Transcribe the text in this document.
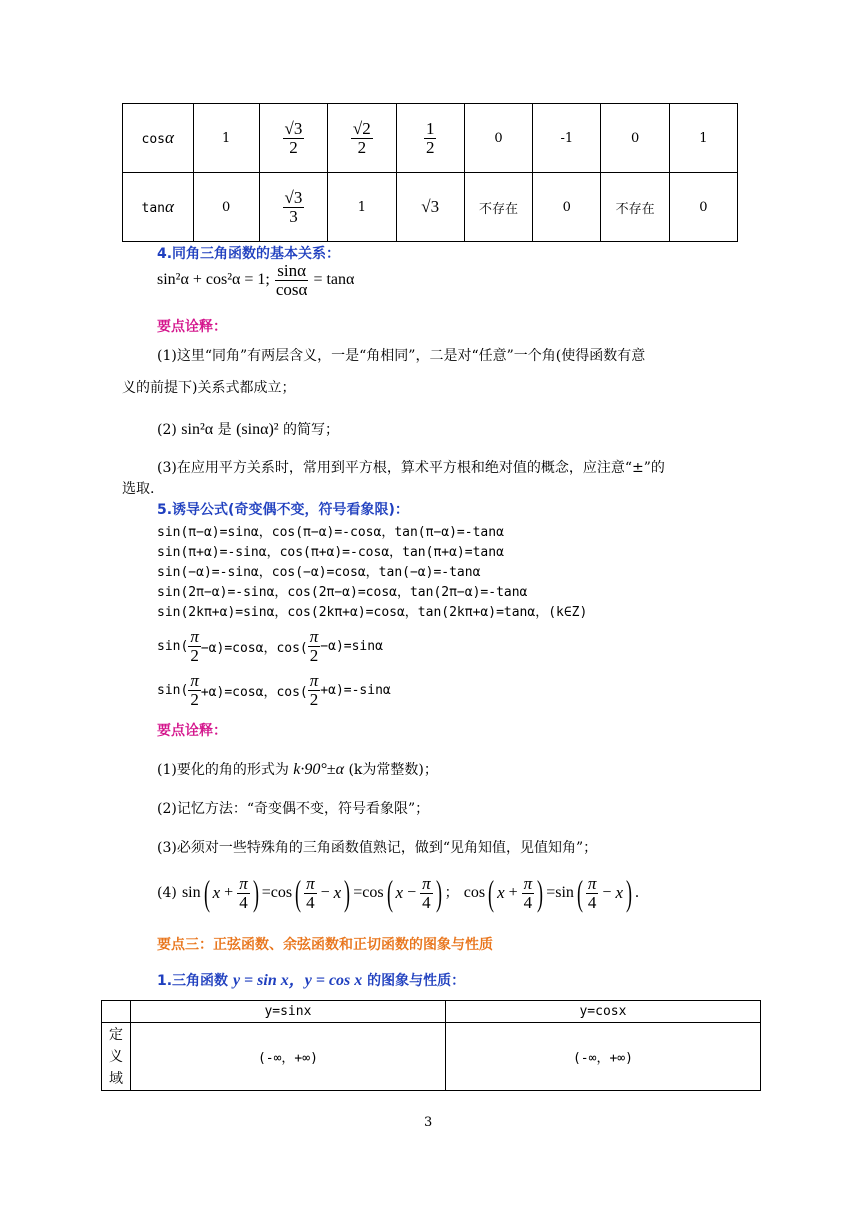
cosα	1	$\frac{√3}{2}$	$\frac{√2}{2}$	$\frac{1}{2}$	0	-1	0	1
tanα	0	$\frac{√3}{3}$	1	√3	不存在	0	不存在	0
4.同角三角函数的基本关系：
sin²α + cos²α = 1; $\frac{\sin\alpha}{\cos\alpha} = \tan\alpha$
要点诠释：
(1)这里“同角”有两层含义，一是“角相同”，二是对“任意”一个角(使得函数有意
义的前提下)关系式都成立；
(2) sin²α 是 (sinα)² 的简写；
(3)在应用平方关系时，常用到平方根，算术平方根和绝对值的概念，应注意“±”的
选取.
5.诱导公式(奇变偶不变，符号看象限)：
sin(π−α)=sinα，cos(π−α)=-cosα，tan(π−α)=-tanα
sin(π+α)=-sinα，cos(π+α)=-cosα，tan(π+α)=tanα
sin(−α)=-sinα，cos(−α)=cosα，tan(−α)=-tanα
sin(2π−α)=-sinα，cos(2π−α)=cosα，tan(2π−α)=-tanα
sin(2kπ+α)=sinα，cos(2kπ+α)=cosα，tan(2kπ+α)=tanα，(k∈Z)
$\sin( \frac{\pi}{2} -\alpha)=\cos\alpha$，$\cos( \frac{\pi}{2} -\alpha)=\sin\alpha$
$\sin( \frac{\pi}{2} +\alpha)=\cos\alpha$，$\cos( \frac{\pi}{2} +\alpha)=-\sin\alpha$
要点诠释：
(1)要化的角的形式为 k·90°±α (k为常整数)；
(2)记忆方法：“奇变偶不变，符号看象限”；
(3)必须对一些特殊角的三角函数值熟记，做到“见角知值，见值知角”；
(4)
sin ( $x + \frac{\pi}{4}$ ) = cos ( $\frac{\pi}{4} - x$ ) = cos ( $x - \frac{\pi}{4}$ ) ；
cos ( $x + \frac{\pi}{4}$ ) = sin ( $\frac{\pi}{4} - x$ ) .
要点三：正弦函数、余弦函数和正切函数的图象与性质
1.三角函数 y = sin x，y = cos x 的图象与性质：
	y=sinx	y=cosx
定
义
域	(-∞，+∞)	(-∞，+∞)
3
